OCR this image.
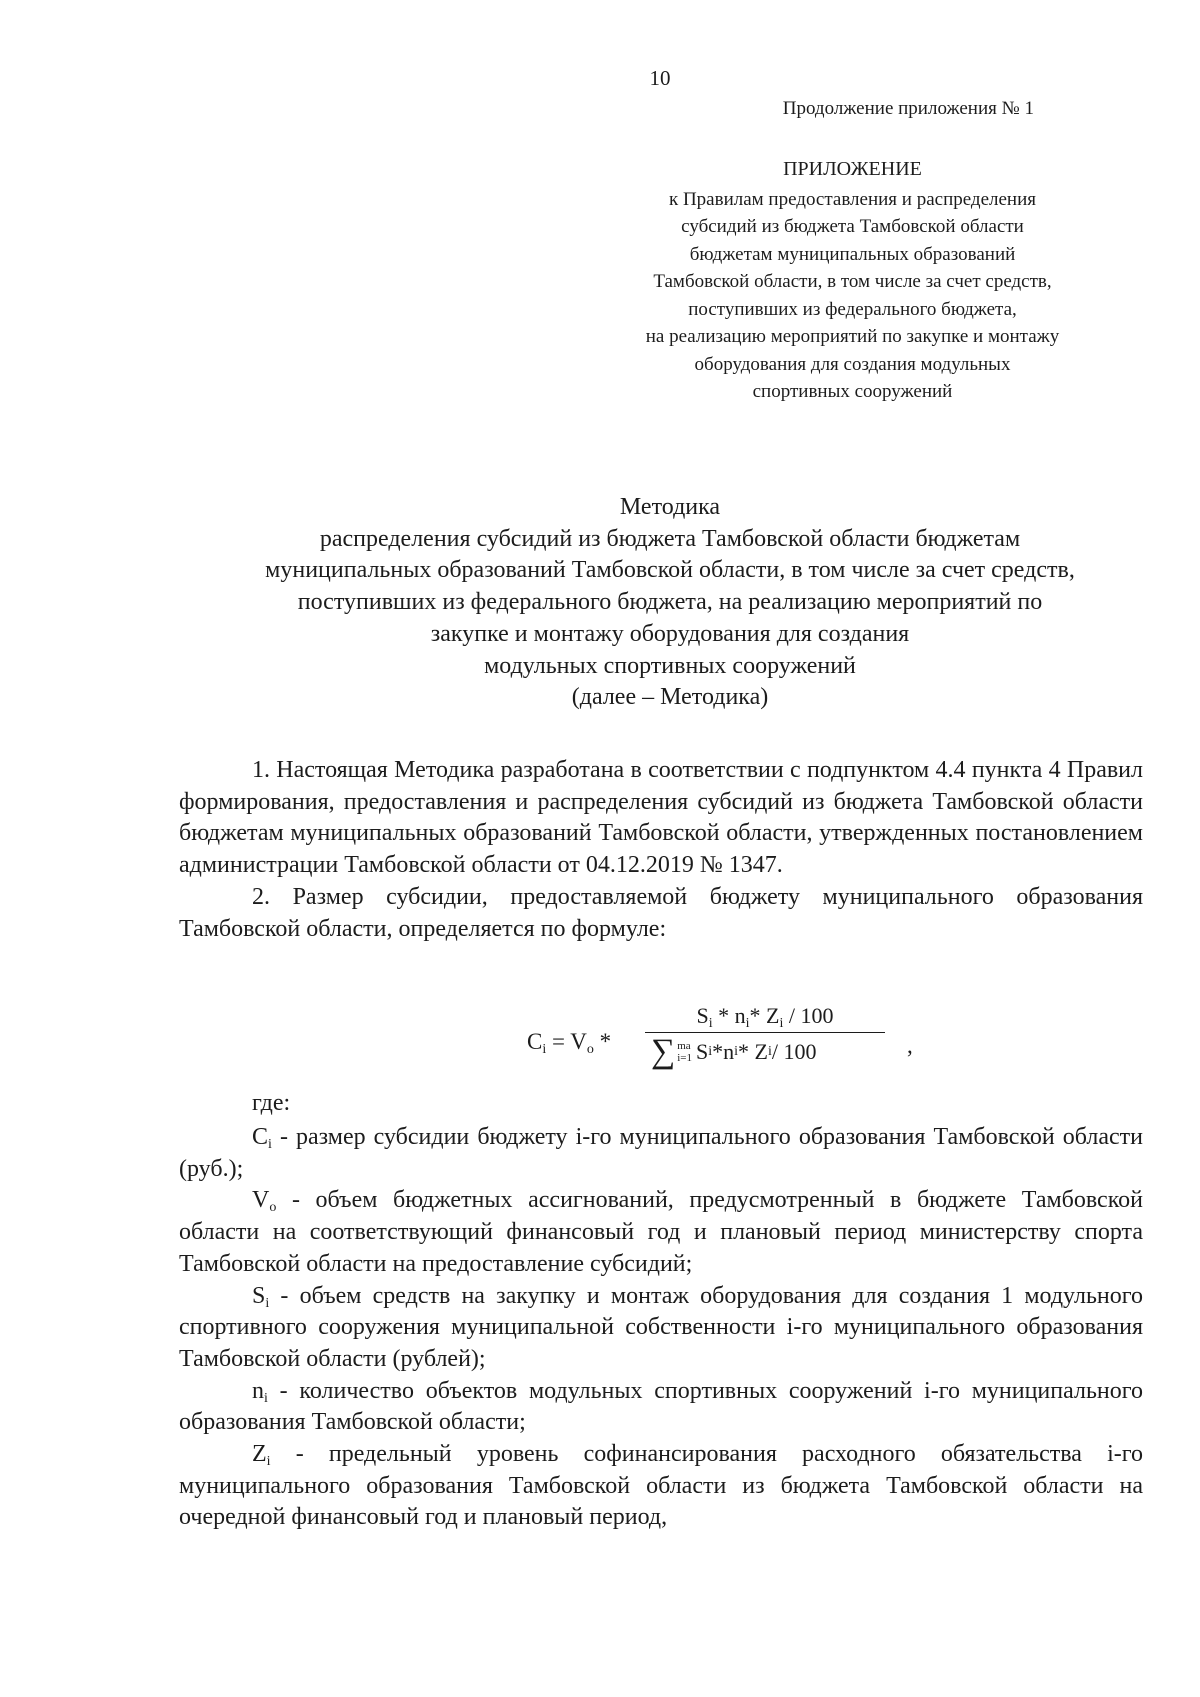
10
Продолжение приложения № 1
ПРИЛОЖЕНИЕ
к Правилам предоставления и распределения
субсидий из бюджета Тамбовской области
бюджетам муниципальных образований
Тамбовской области, в том числе за счет средств,
поступивших из федерального бюджета,
на реализацию мероприятий по закупке и монтажу
оборудования для создания модульных
спортивных сооружений
Методика
распределения субсидий из бюджета Тамбовской области бюджетам
муниципальных образований Тамбовской области, в том числе за счет средств,
поступивших из федерального бюджета, на реализацию мероприятий по
закупке и монтажу оборудования для создания
модульных спортивных сооружений
(далее – Методика)

1. Настоящая Методика разработана в соответствии с подпунктом 4.4 пункта 4 Правил формирования, предоставления и распределения субсидий из бюджета Тамбовской области бюджетам муниципальных образований Тамбовской области, утвержденных постановлением администрации Тамбовской области от 04.12.2019 № 1347.

2. Размер субсидии, предоставляемой бюджету муниципального образования Тамбовской области, определяется по формуле:

$C_i = V_o$ *
$S_i * n_i*$ $Z_i / 100$
∑ ma
i=1 S i *n i * Z i / 100	,
где:

$C_i$ - размер субсидии бюджету i-го муниципального образования Тамбовской области (руб.);

$V_o$ - объем бюджетных ассигнований, предусмотренный в бюджете Тамбовской области на соответствующий финансовый год и плановый период министерству спорта Тамбовской области на предоставление субсидий;

$S_i$ - объем средств на закупку и монтаж оборудования для создания 1 модульного спортивного сооружения муниципальной собственности i-го муниципального образования Тамбовской области (рублей);

$n_i$ - количество объектов модульных спортивных сооружений i-го муниципального образования Тамбовской области;

$Z_i$ - предельный уровень софинансирования расходного обязательства i-го муниципального образования Тамбовской области из бюджета Тамбовской области на очередной финансовый год и плановый период,
